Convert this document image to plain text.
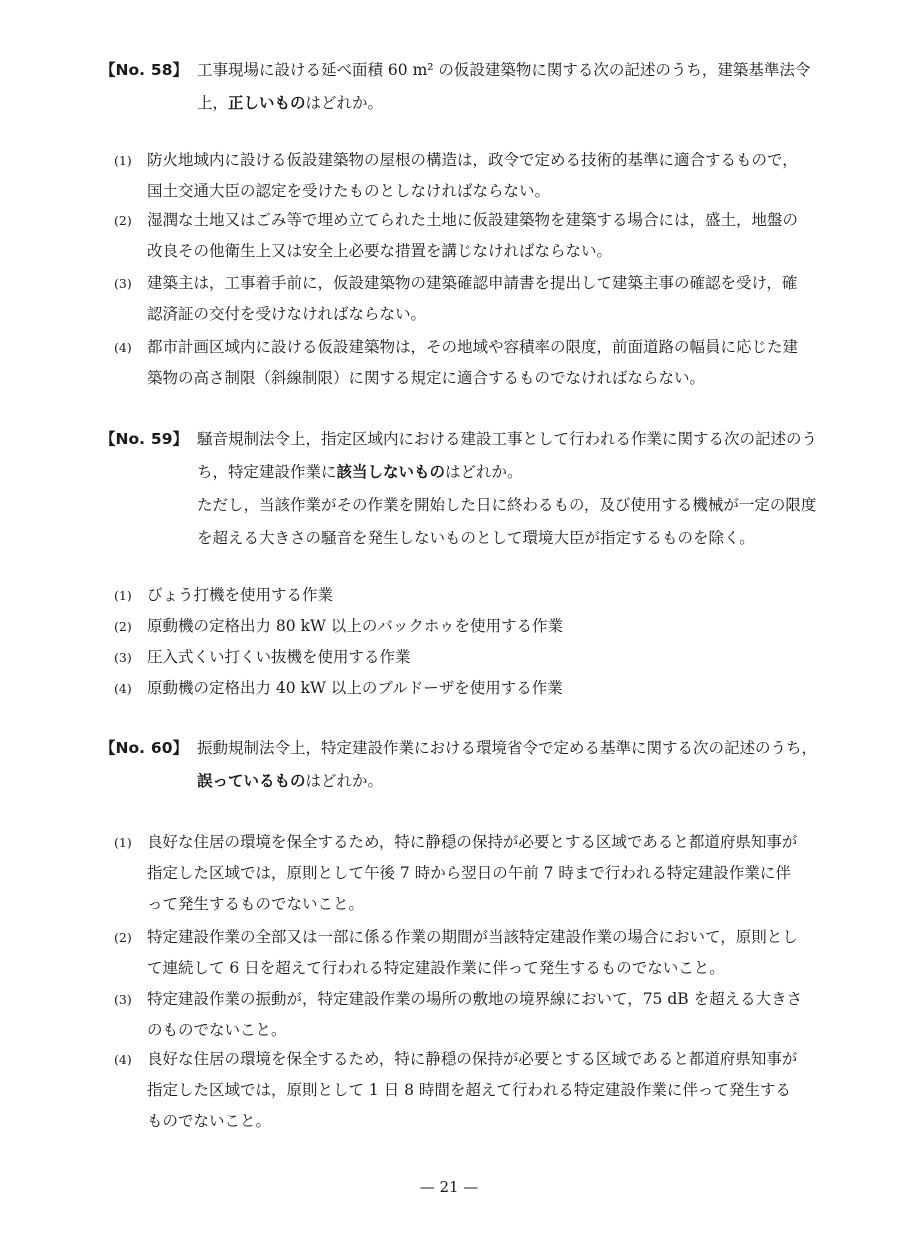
【No. 58】 工事現場に設ける延べ面積 60 m² の仮設建築物に関する次の記述のうち，建築基準法令上，正しいものはどれか。
(1) 防火地域内に設ける仮設建築物の屋根の構造は，政令で定める技術的基準に適合するもので，国土交通大臣の認定を受けたものとしなければならない。
(2) 湿潤な土地又はごみ等で埋め立てられた土地に仮設建築物を建築する場合には，盛土，地盤の改良その他衛生上又は安全上必要な措置を講じなければならない。
(3) 建築主は，工事着手前に，仮設建築物の建築確認申請書を提出して建築主事の確認を受け，確認済証の交付を受けなければならない。
(4) 都市計画区域内に設ける仮設建築物は，その地域や容積率の限度，前面道路の幅員に応じた建築物の高さ制限（斜線制限）に関する規定に適合するものでなければならない。
【No. 59】 騒音規制法令上，指定区域内における建設工事として行われる作業に関する次の記述のうち，特定建設作業に該当しないものはどれか。
ただし，当該作業がその作業を開始した日に終わるもの，及び使用する機械が一定の限度を超える大きさの騒音を発生しないものとして環境大臣が指定するものを除く。
(1) びょう打機を使用する作業
(2) 原動機の定格出力 80 kW 以上のバックホゥを使用する作業
(3) 圧入式くい打くい抜機を使用する作業
(4) 原動機の定格出力 40 kW 以上のブルドーザを使用する作業
【No. 60】 振動規制法令上，特定建設作業における環境省令で定める基準に関する次の記述のうち，誤っているものはどれか。
(1) 良好な住居の環境を保全するため，特に静穏の保持が必要とする区域であると都道府県知事が指定した区域では，原則として午後 7 時から翌日の午前 7 時まで行われる特定建設作業に伴って発生するものでないこと。
(2) 特定建設作業の全部又は一部に係る作業の期間が当該特定建設作業の場合において，原則として連続して 6 日を超えて行われる特定建設作業に伴って発生するものでないこと。
(3) 特定建設作業の振動が，特定建設作業の場所の敷地の境界線において，75 dB を超える大きさのものでないこと。
(4) 良好な住居の環境を保全するため，特に静穏の保持が必要とする区域であると都道府県知事が指定した区域では，原則として 1 日 8 時間を超えて行われる特定建設作業に伴って発生するものでないこと。
— 21 —
